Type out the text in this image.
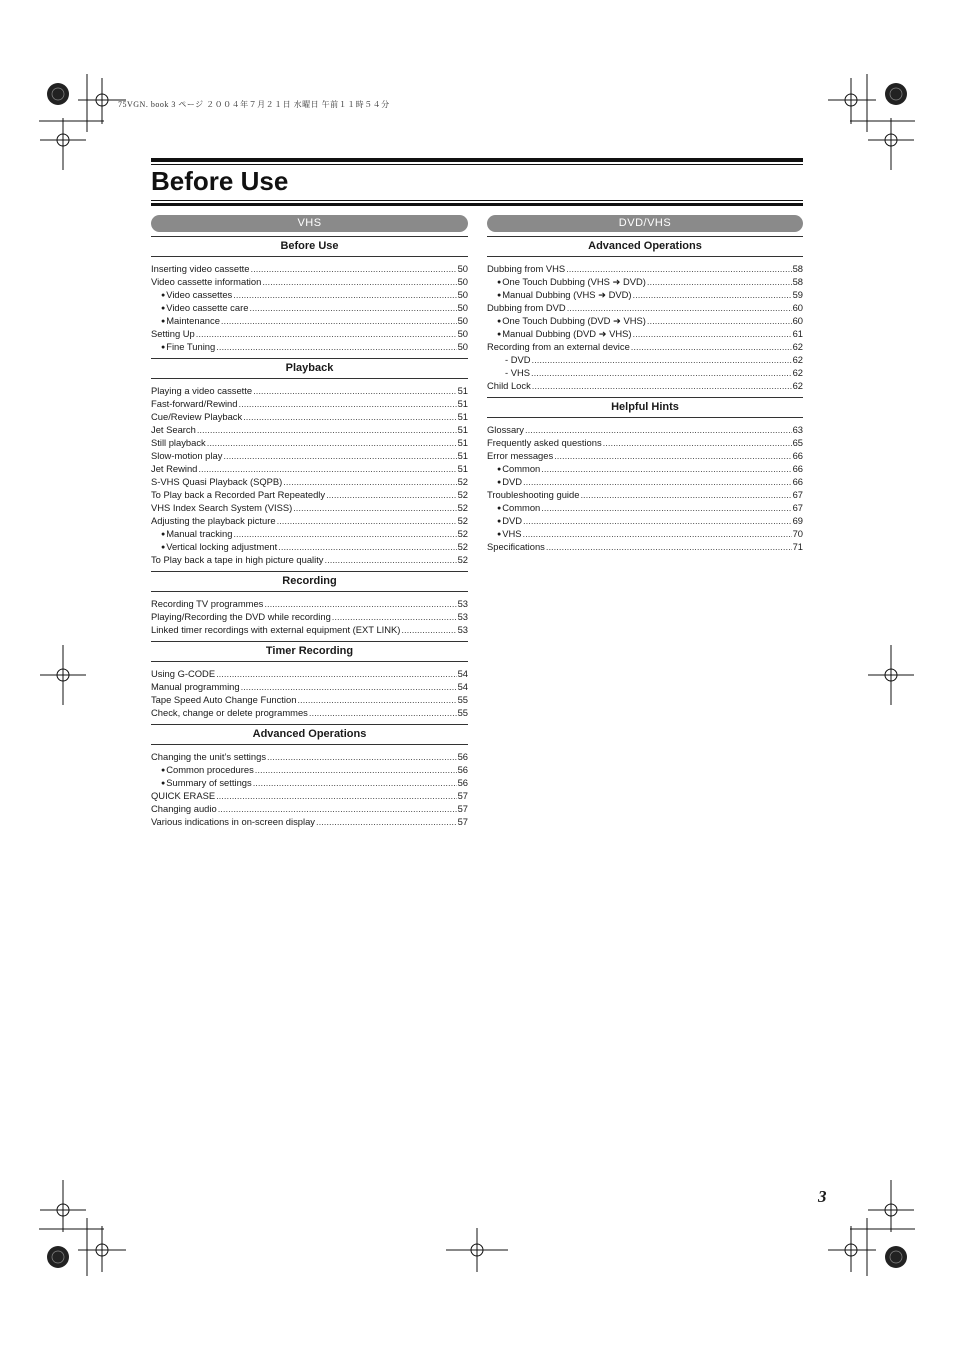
75VGN. book 3 ページ ２００４年７月２１日 水曜日 午前１１時５４分
Before Use
VHS
Before Use
Inserting video cassette .....	50
Video cassette information .....	50
● Video cassettes .....	50
● Video cassette care .....	50
● Maintenance .....	50
Setting Up .....	50
● Fine Tuning .....	50
Playback
Playing a video cassette .....	51
Fast-forward/Rewind .....	51
Cue/Review Playback .....	51
Jet Search .....	51
Still playback .....	51
Slow-motion play .....	51
Jet Rewind .....	51
S-VHS Quasi Playback (SQPB) .....	52
To Play back a Recorded Part Repeatedly .....	52
VHS Index Search System (VISS) .....	52
Adjusting the playback picture .....	52
● Manual tracking .....	52
● Vertical locking adjustment .....	52
To Play back a tape in high picture quality .....	52
Recording
Recording TV programmes .....	53
Playing/Recording the DVD while recording .....	53
Linked timer recordings with external equipment (EXT LINK) .....	53
Timer Recording
Using G-CODE .....	54
Manual programming .....	54
Tape Speed Auto Change Function .....	55
Check, change or delete programmes .....	55
Advanced Operations
Changing the unit’s settings .....	56
● Common procedures .....	56
● Summary of settings .....	56
QUICK ERASE .....	57
Changing audio .....	57
Various indications in on-screen display .....	57
DVD/VHS
Advanced Operations
Dubbing from VHS .....	58
● One Touch Dubbing (VHS ➜ DVD) .....	58
● Manual Dubbing (VHS ➜ DVD) .....	59
Dubbing from DVD .....	60
● One Touch Dubbing (DVD ➜ VHS) .....	60
● Manual Dubbing (DVD ➜ VHS) .....	61
Recording from an external device .....	62
- DVD .....	62
- VHS .....	62
Child Lock .....	62
Helpful Hints
Glossary .....	63
Frequently asked questions .....	65
Error messages .....	66
● Common .....	66
● DVD .....	66
Troubleshooting guide .....	67
● Common .....	67
● DVD .....	69
● VHS .....	70
Specifications .....	71
3
